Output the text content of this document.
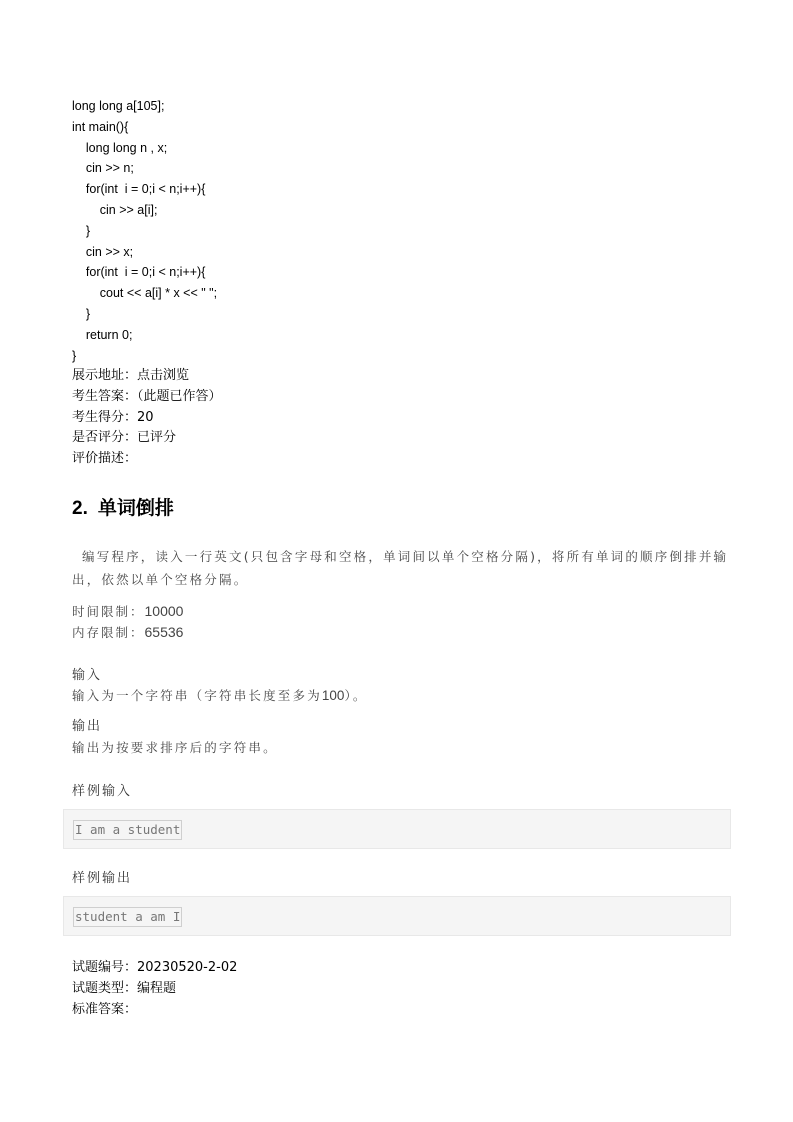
long long a[105];
int main(){
long long n , x;
cin >> n;
for(int  i = 0;i < n;i++){
cin >> a[i];
}
cin >> x;
for(int  i = 0;i < n;i++){
cout << a[i] * x << " ";
}
return 0;
}
展示地址：点击浏览
考生答案：（此题已作答）
考生得分：20
是否评分：已评分
评价描述：
2. 单词倒排

编写程序，读入一行英文(只包含字母和空格，单词间以单个空格分隔)，将所有单词的顺序倒排并输出，依然以单个空格分隔。

时间限制：10000
内存限制：65536

输入

输入为一个字符串（字符串长度至多为100）。

输出

输出为按要求排序后的字符串。

样例输入

I am a student

样例输出

student a am I
试题编号：20230520-2-02
试题类型：编程题
标准答案：
